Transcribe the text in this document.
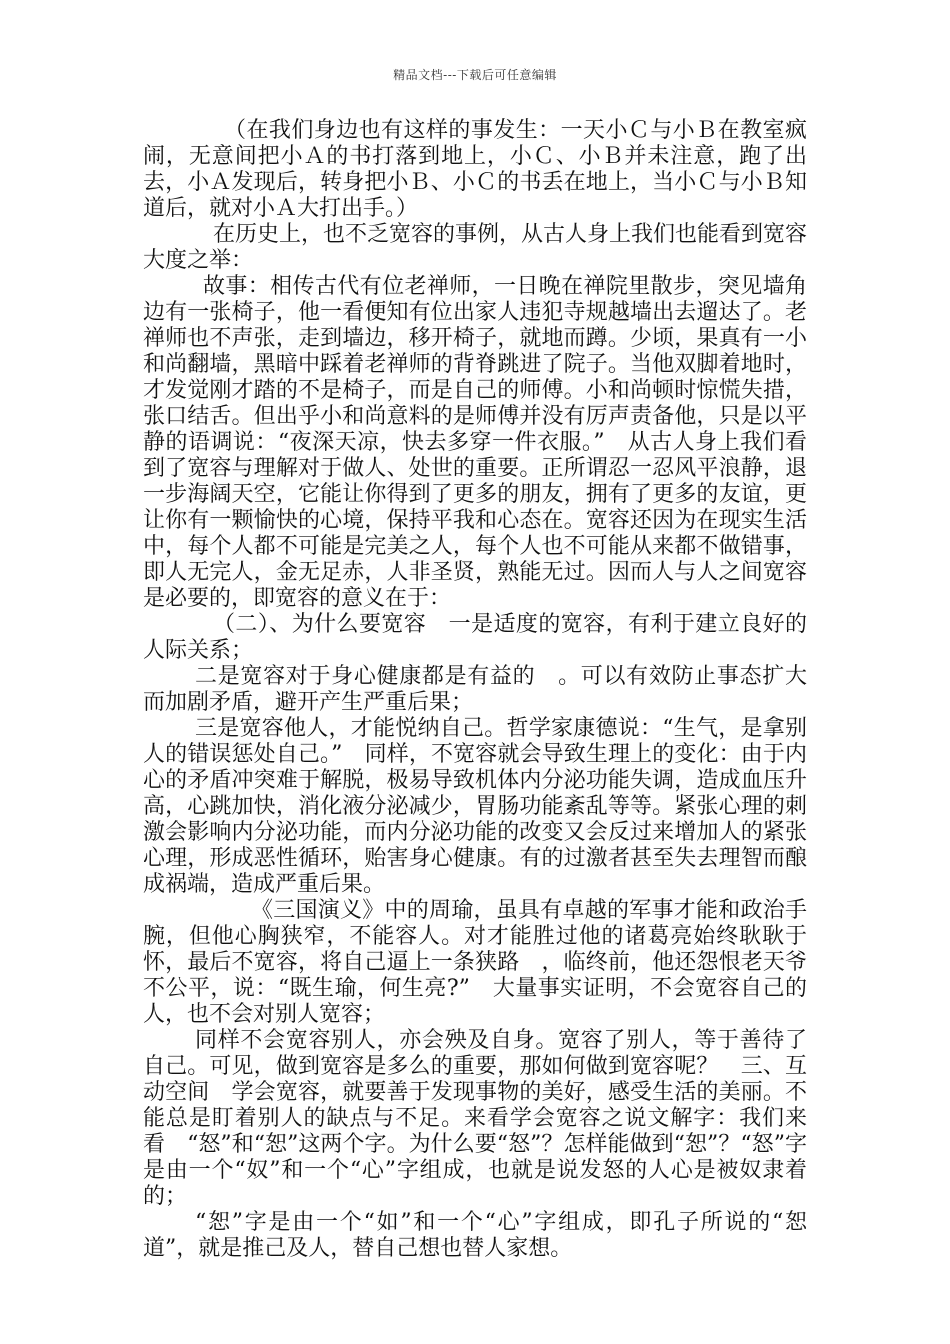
精品文档---下载后可任意编辑

（在我们身边也有这样的事发生：一天小Ｃ与小Ｂ在教室疯闹，无意间把小Ａ的书打落到地上，小Ｃ、小Ｂ并未注意，跑了出去，小Ａ发现后，转身把小Ｂ、小Ｃ的书丢在地上，当小Ｃ与小Ｂ知道后，就对小Ａ大打出手。）

在历史上，也不乏宽容的事例，从古人身上我们也能看到宽容大度之举：

故事：相传古代有位老禅师，一日晚在禅院里散步，突见墙角边有一张椅子，他一看便知有位出家人违犯寺规越墙出去遛达了。老禅师也不声张，走到墙边，移开椅子，就地而蹲。少顷，果真有一小和尚翻墙，黑暗中踩着老禅师的背脊跳进了院子。当他双脚着地时，才发觉刚才踏的不是椅子，而是自己的师傅。小和尚顿时惊慌失措，张口结舌。但出乎小和尚意料的是师傅并没有厉声责备他，只是以平静的语调说：“夜深天凉，快去多穿一件衣服。”　从古人身上我们看到了宽容与理解对于做人、处世的重要。正所谓忍一忍风平浪静，退一步海阔天空，它能让你得到了更多的朋友，拥有了更多的友谊，更让你有一颗愉快的心境，保持平我和心态在。宽容还因为在现实生活中，每个人都不可能是完美之人，每个人也不可能从来都不做错事，即人无完人，金无足赤，人非圣贤，熟能无过。因而人与人之间宽容是必要的，即宽容的意义在于：

（二）、为什么要宽容　一是适度的宽容，有利于建立良好的人际关系；

二是宽容对于身心健康都是有益的　。可以有效防止事态扩大而加剧矛盾，避开产生严重后果；

三是宽容他人，才能悦纳自己。哲学家康德说：“生气，是拿别人的错误惩处自己。”　同样，不宽容就会导致生理上的变化：由于内心的矛盾冲突难于解脱，极易导致机体内分泌功能失调，造成血压升高，心跳加快，消化液分泌减少，胃肠功能紊乱等等。紧张心理的刺激会影响内分泌功能，而内分泌功能的改变又会反过来增加人的紧张心理，形成恶性循环，贻害身心健康。有的过激者甚至失去理智而酿成祸端，造成严重后果。

《三国演义》中的周瑜，虽具有卓越的军事才能和政治手腕，但他心胸狭窄，不能容人。对才能胜过他的诸葛亮始终耿耿于怀，最后不宽容，将自己逼上一条狭路　，临终前，他还怨恨老天爷不公平，说：“既生瑜，何生亮?”　大量事实证明，不会宽容自己的人，也不会对别人宽容；

同样不会宽容别人，亦会殃及自身。宽容了别人，等于善待了自己。可见，做到宽容是多么的重要，那如何做到宽容呢？　三、互动空间　学会宽容，就要善于发现事物的美好，感受生活的美丽。不能总是盯着别人的缺点与不足。来看学会宽容之说文解字：我们来看　“怒”和“恕”这两个字。为什么要“怒”？怎样能做到“恕”？“怒”字是由一个“奴”和一个“心”字组成，也就是说发怒的人心是被奴隶着的；

“恕”字是由一个“如”和一个“心”字组成，即孔子所说的“恕道”，就是推己及人，替自己想也替人家想。
